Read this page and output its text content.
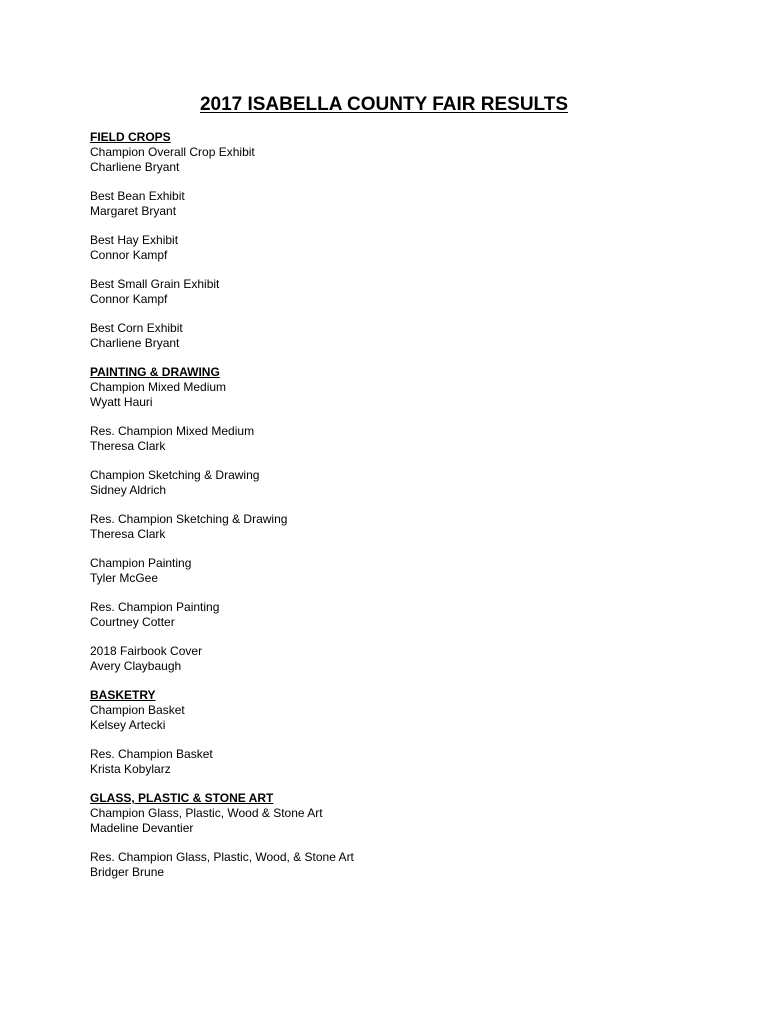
2017 ISABELLA COUNTY FAIR RESULTS
FIELD CROPS
Champion Overall Crop Exhibit
Charliene Bryant
Best Bean Exhibit
Margaret Bryant
Best Hay Exhibit
Connor Kampf
Best Small Grain Exhibit
Connor Kampf
Best Corn Exhibit
Charliene Bryant
PAINTING & DRAWING
Champion Mixed Medium
Wyatt Hauri
Res. Champion Mixed Medium
Theresa Clark
Champion Sketching & Drawing
Sidney Aldrich
Res. Champion Sketching & Drawing
Theresa Clark
Champion Painting
Tyler McGee
Res. Champion Painting
Courtney Cotter
2018 Fairbook Cover
Avery Claybaugh
BASKETRY
Champion Basket
Kelsey Artecki
Res. Champion Basket
Krista Kobylarz
GLASS, PLASTIC & STONE ART
Champion Glass, Plastic, Wood & Stone Art
Madeline Devantier
Res. Champion Glass, Plastic, Wood, & Stone Art
Bridger Brune
